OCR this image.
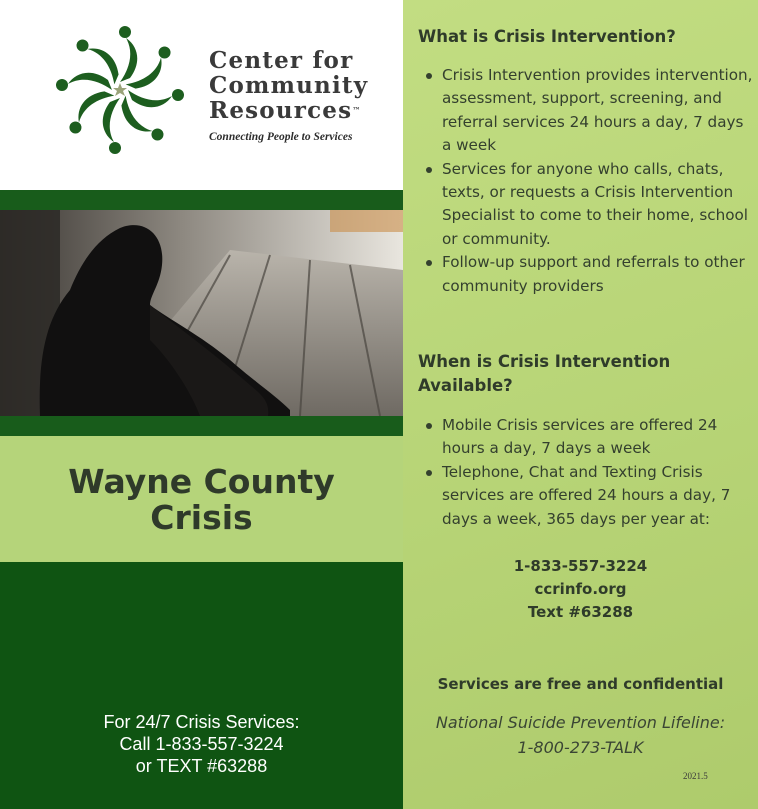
Center for
Community
Resources™
Connecting People to Services
Wayne County
Crisis
For 24/7 Crisis Services:
Call 1-833-557-3224
or TEXT #63288
What is Crisis Intervention?
Crisis Intervention provides intervention, assessment, support, screening, and referral services 24 hours a day, 7 days a week
Services for anyone who calls, chats, texts, or requests a Crisis Intervention Specialist to come to their home, school or community.
Follow-up support and referrals to other community providers
When is Crisis Intervention
Available?
Mobile Crisis services are offered 24 hours a day, 7 days a week
Telephone, Chat and Texting Crisis services are offered 24 hours a day, 7 days a week, 365 days per year at:
1-833-557-3224
ccrinfo.org
Text #63288
Services are free and confidential
National Suicide Prevention Lifeline:
1-800-273-TALK
2021.5
